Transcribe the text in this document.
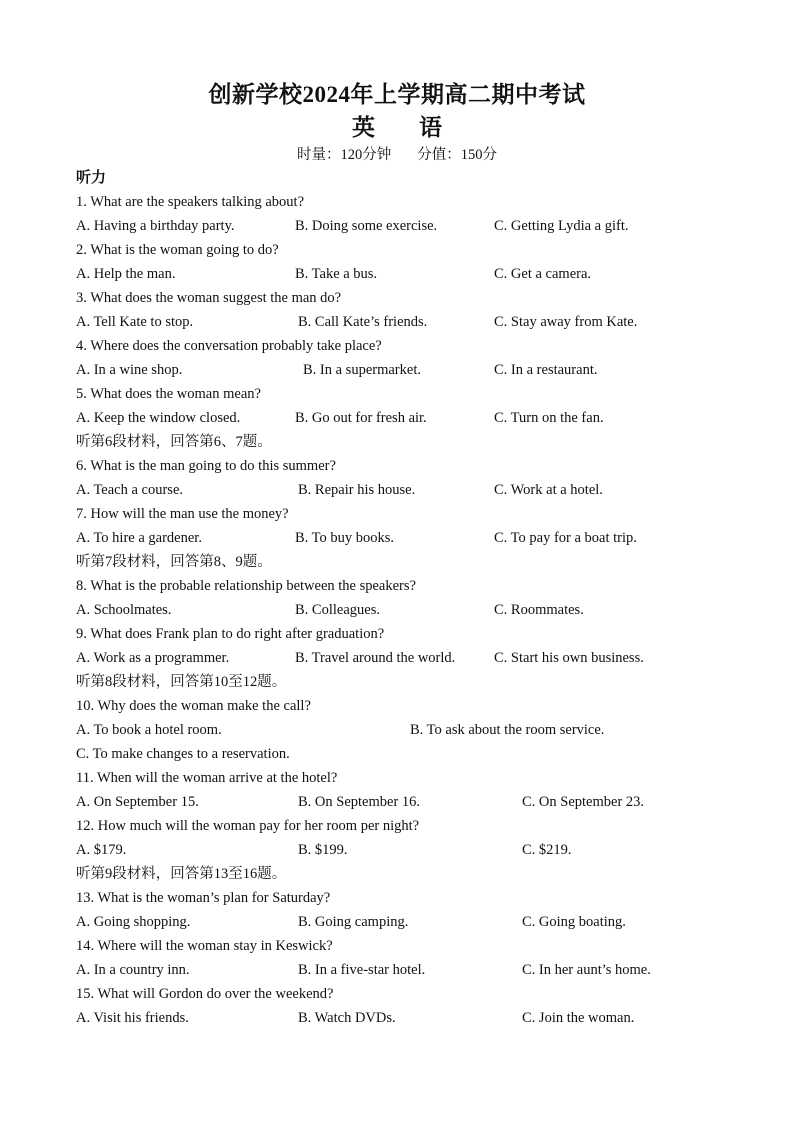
创新学校2024年上学期高二期中考试
英语
时量：120分钟 分值：150分
听力
1. What are the speakers talking about?
A. Having a birthday party.	B. Doing some exercise.	C. Getting Lydia a gift.
2. What is the woman going to do?
A. Help the man.	B. Take a bus.	C. Get a camera.
3. What does the woman suggest the man do?
A. Tell Kate to stop.	B. Call Kate’s friends.	C. Stay away from Kate.
4. Where does the conversation probably take place?
A. In a wine shop.	B. In a supermarket.	C. In a restaurant.
5. What does the woman mean?
A. Keep the window closed.	B. Go out for fresh air.	C. Turn on the fan.
听第6段材料，回答第6、7题。
6. What is the man going to do this summer?
A. Teach a course.	B. Repair his house.	C. Work at a hotel.
7. How will the man use the money?
A. To hire a gardener.	B. To buy books.	C. To pay for a boat trip.
听第7段材料，回答第8、9题。
8. What is the probable relationship between the speakers?
A. Schoolmates.	B. Colleagues.	C. Roommates.
9. What does Frank plan to do right after graduation?
A. Work as a programmer.	B. Travel around the world.	C. Start his own business.
听第8段材料，回答第10至12题。
10. Why does the woman make the call?
A. To book a hotel room.	B. To ask about the room service.
C. To make changes to a reservation.
11. When will the woman arrive at the hotel?
A. On September 15.	B. On September 16.	C. On September 23.
12. How much will the woman pay for her room per night?
A. $179.	B. $199.	C. $219.
听第9段材料，回答第13至16题。
13. What is the woman’s plan for Saturday?
A. Going shopping.	B. Going camping.	C. Going boating.
14. Where will the woman stay in Keswick?
A. In a country inn.	B. In a five-star hotel.	C. In her aunt’s home.
15. What will Gordon do over the weekend?
A. Visit his friends.	B. Watch DVDs.	C. Join the woman.
